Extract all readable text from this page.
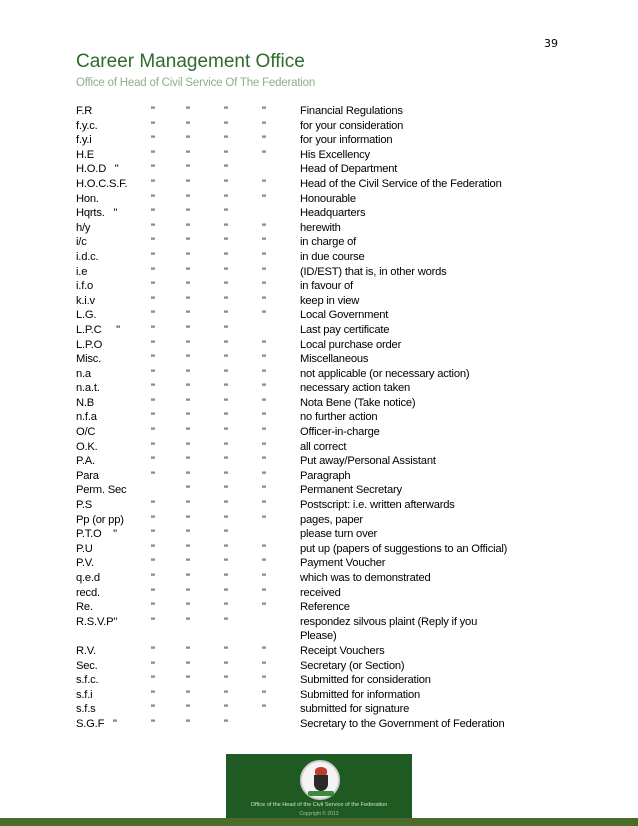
39
Career Management Office
Office of Head of Civil Service Of The Federation
F.R	"	"	"	"	Financial Regulations
f.y.c.	"	"	"	"	for your consideration
f.y.i	"	"	"	"	for your information
H.E	"	"	"	"	His Excellency
H.O.D   "	"	"	"	Head of Department
H.O.C.S.F. "	"	"	"	Head of the Civil Service of the Federation
Hon.	"	"	"	"	Honourable
Hqrts.   "	"	"	"	Headquarters
h/y	"	"	"	"	herewith
i/c	"	"	"	"	in charge of
i.d.c.	"	"	"	"	in due course
i.e	"	"	"	"	(ID/EST) that is, in other words
i.f.o	"	"	"	"	in favour of
k.i.v	"	"	"	"	keep in view
L.G.	"	"	"	"	Local Government
L.P.C     "	"	"	"	Last pay certificate
L.P.O	"	"	"	"	Local purchase order
Misc.	"	"	"	"	Miscellaneous
n.a	"	"	"	"	not applicable (or necessary action)
n.a.t.	"	"	"	"	necessary action taken
N.B	"	"	"	"	Nota Bene (Take notice)
n.f.a	"	"	"	"	no further action
O/C	"	"	"	"	Officer-in-charge
O.K.	"	"	"	"	all correct
P.A.	"	"	"	"	Put away/Personal Assistant
Para	"	"	"	"	Paragraph
Perm. Sec	"	"	"	Permanent Secretary
P.S	"	"	"	"	Postscript: i.e. written afterwards
Pp (or pp) "	"	"	"	pages, paper
P.T.O    "	"	"	"	please turn over
P.U	"	"	"	"	put up (papers of suggestions to an Official)
P.V.	"	"	"	"	Payment Voucher
q.e.d	"	"	"	"	which was to demonstrated
recd.	"	"	"	"	received
Re.	"	"	"	"	Reference
R.S.V.P"	"	"	"	respondez silvous plaint (Reply if you Please)
R.V.	"	"	"	"	Receipt Vouchers
Sec.	"	"	"	"	Secretary (or Section)
s.f.c.	"	"	"	"	Submitted for consideration
s.f.i	"	"	"	"	Submitted for information
s.f.s	"	"	"	"	submitted for signature
S.G.F   "	"	"	"	Secretary to the Government of Federation
Office of the Head of the Civil Service of the Federation
Copyright © 2013
